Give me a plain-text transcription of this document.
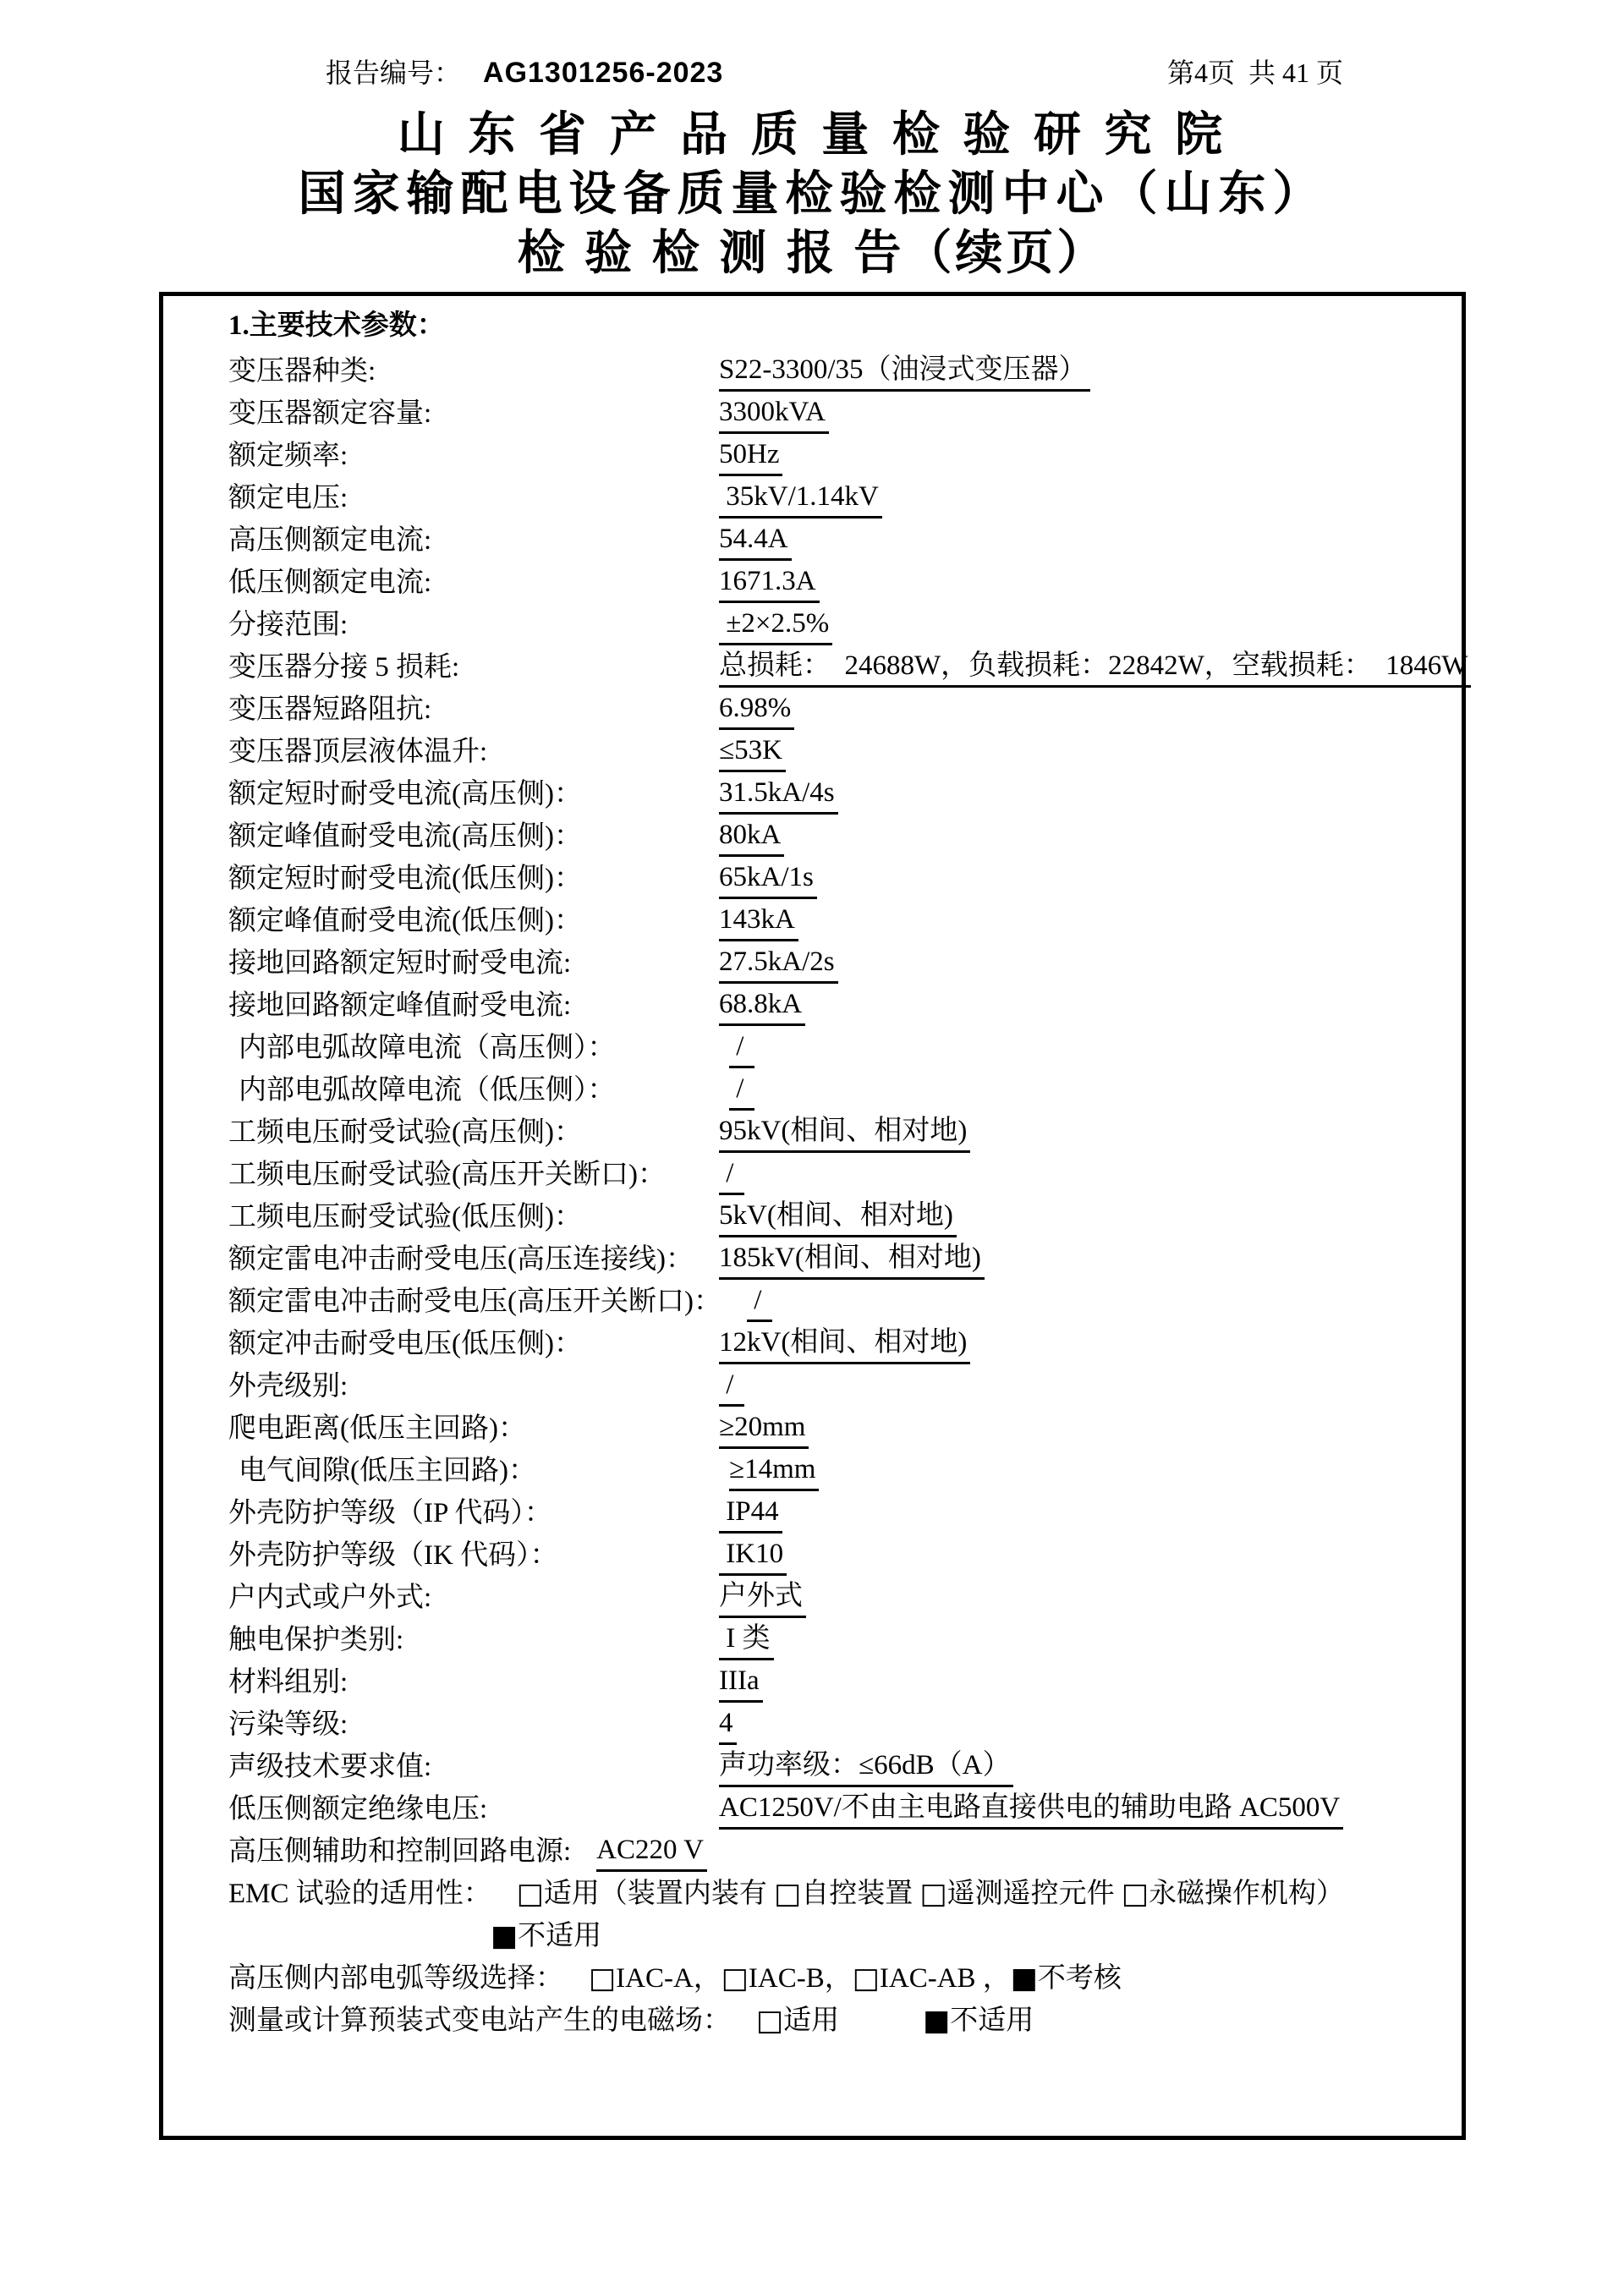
报告编号： AG1301256-2023	第4页  共 41 页
山 东 省 产 品 质 量 检 验 研 究 院
国家输配电设备质量检验检测中心（山东）
检 验 检 测 报 告（续页）
1.主要技术参数：
变压器种类:	S22-3300/35（油浸式变压器）
变压器额定容量:	3300kVA
额定频率:	50Hz
额定电压:	35kV/1.14kV
高压侧额定电流:	54.4A
低压侧额定电流:	1671.3A
分接范围:	±2×2.5%
变压器分接 5 损耗:	总损耗：  24688W，负载损耗：22842W，空载损耗：  1846W
变压器短路阻抗:	6.98%
变压器顶层液体温升:	≤53K
额定短时耐受电流(高压侧)：	31.5kA/4s
额定峰值耐受电流(高压侧)：	80kA
额定短时耐受电流(低压侧)：	65kA/1s
额定峰值耐受电流(低压侧)：	143kA
接地回路额定短时耐受电流:	27.5kA/2s
接地回路额定峰值耐受电流:	68.8kA
内部电弧故障电流（高压侧）：	/
内部电弧故障电流（低压侧）：	/
工频电压耐受试验(高压侧)：	95kV(相间、相对地)
工频电压耐受试验(高压开关断口)：	/
工频电压耐受试验(低压侧)：	5kV(相间、相对地)
额定雷电冲击耐受电压(高压连接线)： 185kV(相间、相对地)
额定雷电冲击耐受电压(高压开关断口)： /
额定冲击耐受电压(低压侧)：	12kV(相间、相对地)
外壳级别:	/
爬电距离(低压主回路)：	≥20mm
电气间隙(低压主回路)：	≥14mm
外壳防护等级（IP 代码）：	IP44
外壳防护等级（IK 代码）：	IK10
户内式或户外式:	户外式
触电保护类别:	I 类
材料组别:	IIIa
污染等级:	4
声级技术要求值:	声功率级：≤66dB（A）
低压侧额定绝缘电压:	AC1250V/不由主电路直接供电的辅助电路 AC500V
高压侧辅助和控制回路电源: AC220 V
EMC 试验的适用性： □适用（装置内装有 □自控装置 □遥测遥控元件 □永磁操作机构）
■不适用
高压侧内部电弧等级选择： □IAC-A，□IAC-B，□IAC-AB ，■不考核
测量或计算预装式变电站产生的电磁场： □适用　　　■不适用
